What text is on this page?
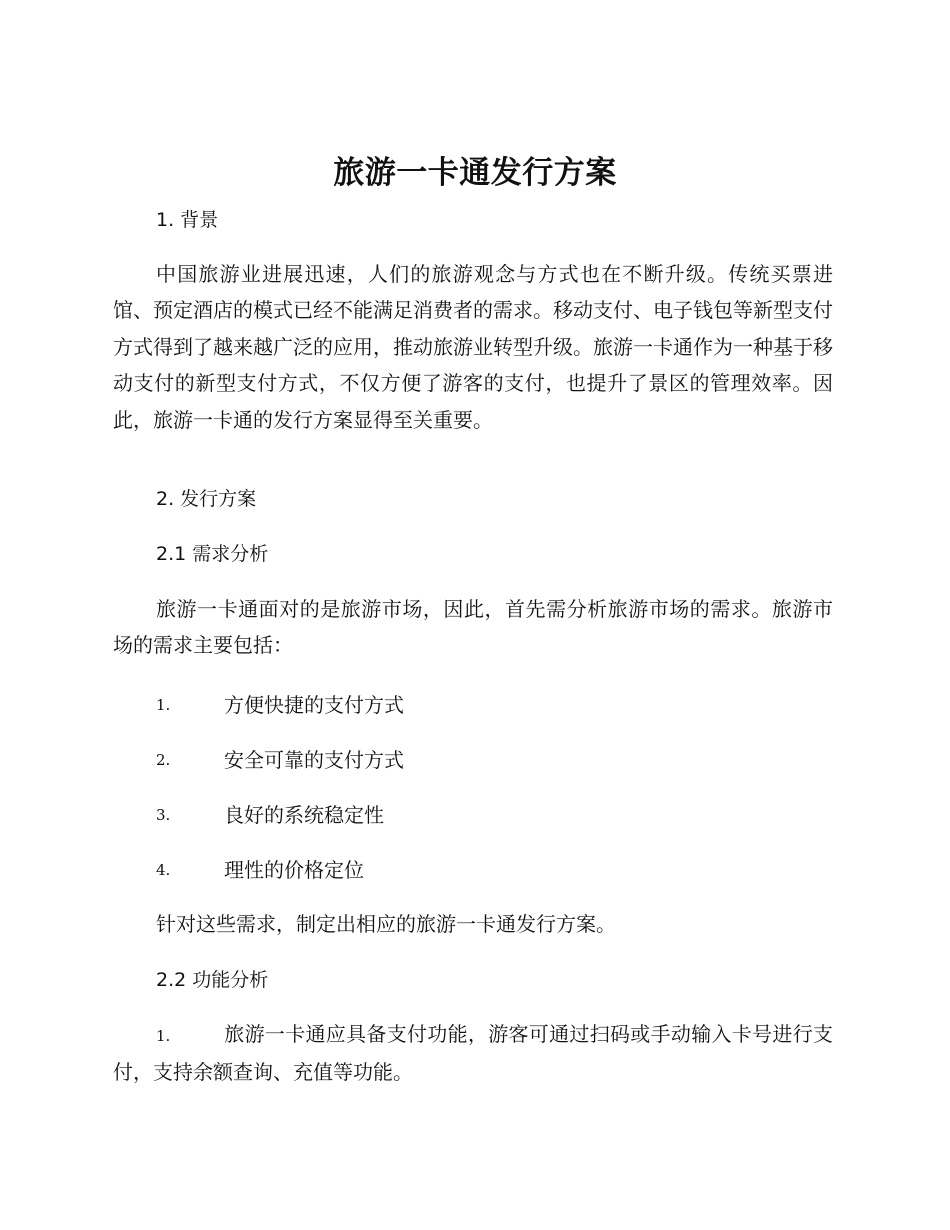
旅游一卡通发行方案
1. 背景
中国旅游业进展迅速，人们的旅游观念与方式也在不断升级。传统买票进馆、预定酒店的模式已经不能满足消费者的需求。移动支付、电子钱包等新型支付方式得到了越来越广泛的应用，推动旅游业转型升级。旅游一卡通作为一种基于移动支付的新型支付方式，不仅方便了游客的支付，也提升了景区的管理效率。因此，旅游一卡通的发行方案显得至关重要。
2. 发行方案
2.1 需求分析
旅游一卡通面对的是旅游市场，因此，首先需分析旅游市场的需求。旅游市场的需求主要包括：
1.	方便快捷的支付方式
2.	安全可靠的支付方式
3.	良好的系统稳定性
4.	理性的价格定位
针对这些需求，制定出相应的旅游一卡通发行方案。
2.2 功能分析
1.	旅游一卡通应具备支付功能，游客可通过扫码或手动输入卡号进行支付，支持余额查询、充值等功能。
